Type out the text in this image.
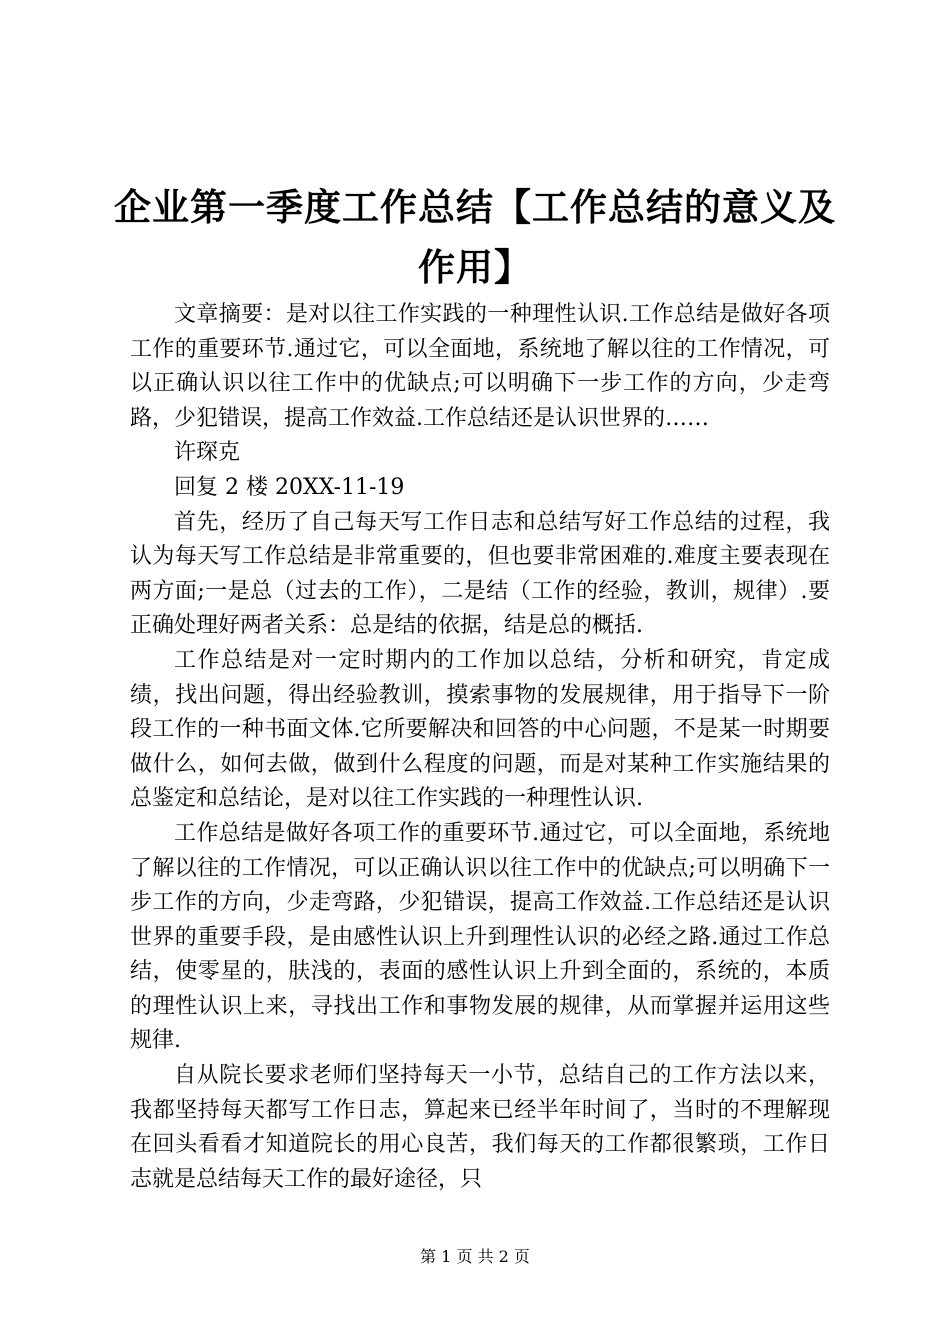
企业第一季度工作总结【工作总结的意义及作用】

文章摘要：是对以往工作实践的一种理性认识.工作总结是做好各项工作的重要环节.通过它，可以全面地，系统地了解以往的工作情况，可以正确认识以往工作中的优缺点;可以明确下一步工作的方向，少走弯路，少犯错误，提高工作效益.工作总结还是认识世界的……

许琛克

回复 2 楼 20XX-11-19

首先，经历了自己每天写工作日志和总结写好工作总结的过程，我认为每天写工作总结是非常重要的，但也要非常困难的.难度主要表现在两方面;一是总（过去的工作），二是结（工作的经验，教训，规律）.要正确处理好两者关系：总是结的依据，结是总的概括.

工作总结是对一定时期内的工作加以总结，分析和研究，肯定成绩，找出问题，得出经验教训，摸索事物的发展规律，用于指导下一阶段工作的一种书面文体.它所要解决和回答的中心问题，不是某一时期要做什么，如何去做，做到什么程度的问题，而是对某种工作实施结果的总鉴定和总结论，是对以往工作实践的一种理性认识.

工作总结是做好各项工作的重要环节.通过它，可以全面地，系统地了解以往的工作情况，可以正确认识以往工作中的优缺点;可以明确下一步工作的方向，少走弯路，少犯错误，提高工作效益.工作总结还是认识世界的重要手段，是由感性认识上升到理性认识的必经之路.通过工作总结，使零星的，肤浅的，表面的感性认识上升到全面的，系统的，本质的理性认识上来，寻找出工作和事物发展的规律，从而掌握并运用这些规律.

自从院长要求老师们坚持每天一小节，总结自己的工作方法以来，我都坚持每天都写工作日志，算起来已经半年时间了，当时的不理解现在回头看看才知道院长的用心良苦，我们每天的工作都很繁琐，工作日志就是总结每天工作的最好途径，只

第 1 页 共 2 页
